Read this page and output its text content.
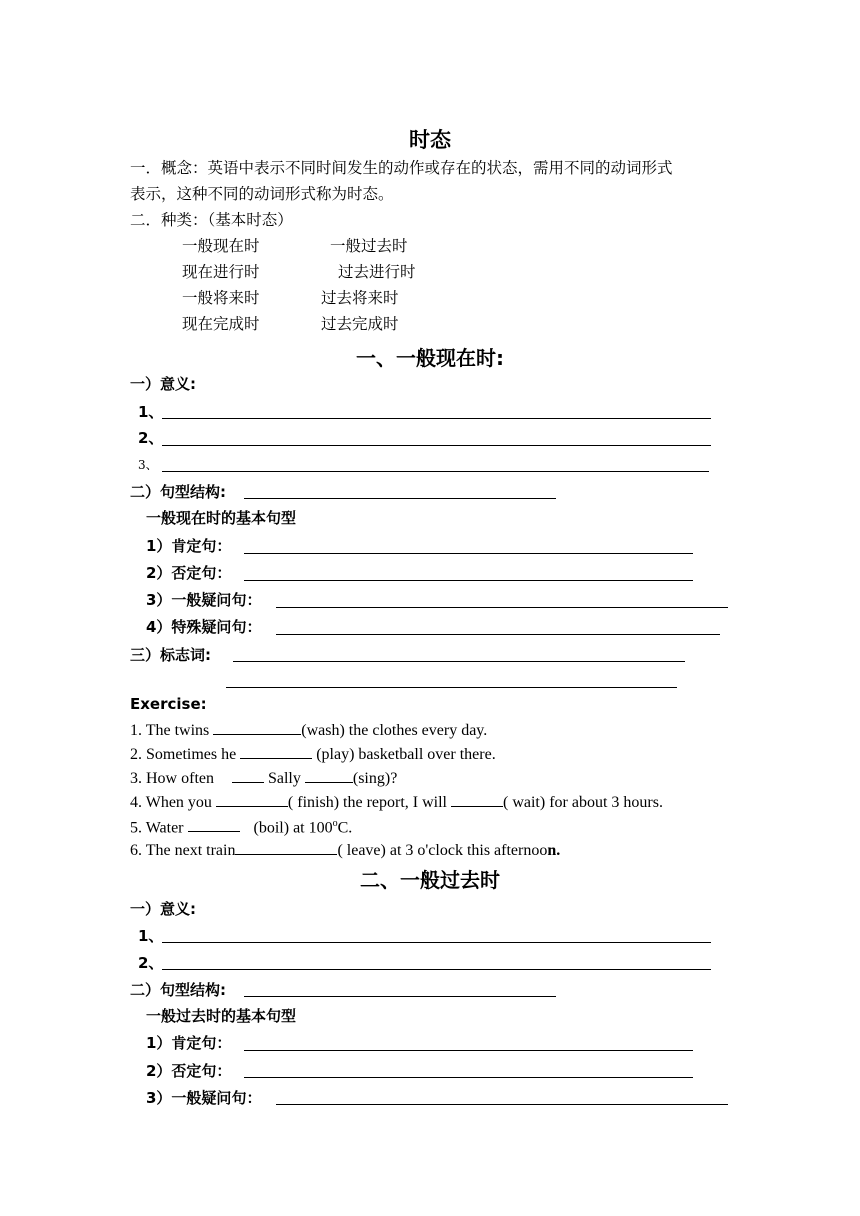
时态
一．概念：英语中表示不同时间发生的动作或存在的状态，需用不同的动词形式
表示，这种不同的动词形式称为时态。
二．种类：（基本时态）
一般现在时	一般过去时
现在进行时	过去进行时
一般将来时	过去将来时
现在完成时	过去完成时
一、一般现在时:
一）意义:
1、
2、
3、
二）句型结构:
一般现在时的基本句型
1）肯定句：
2）否定句：
3）一般疑问句：
4）特殊疑问句：
三）标志词:
Exercise:
1. The twins	(wash) the clothes every day.
2. Sometimes he	(play) basketball over there.
3. How often	Sally	(sing)?
4. When you	( finish) the report, I will	( wait) for about 3 hours.
5. Water	(boil) at 100$^o$C.
6. The next train	( leave) at 3 o'clock this afternoon.
二、一般过去时
一）意义:
1、
2、
二）句型结构:
一般过去时的基本句型
1）肯定句：
2）否定句：
3）一般疑问句：
